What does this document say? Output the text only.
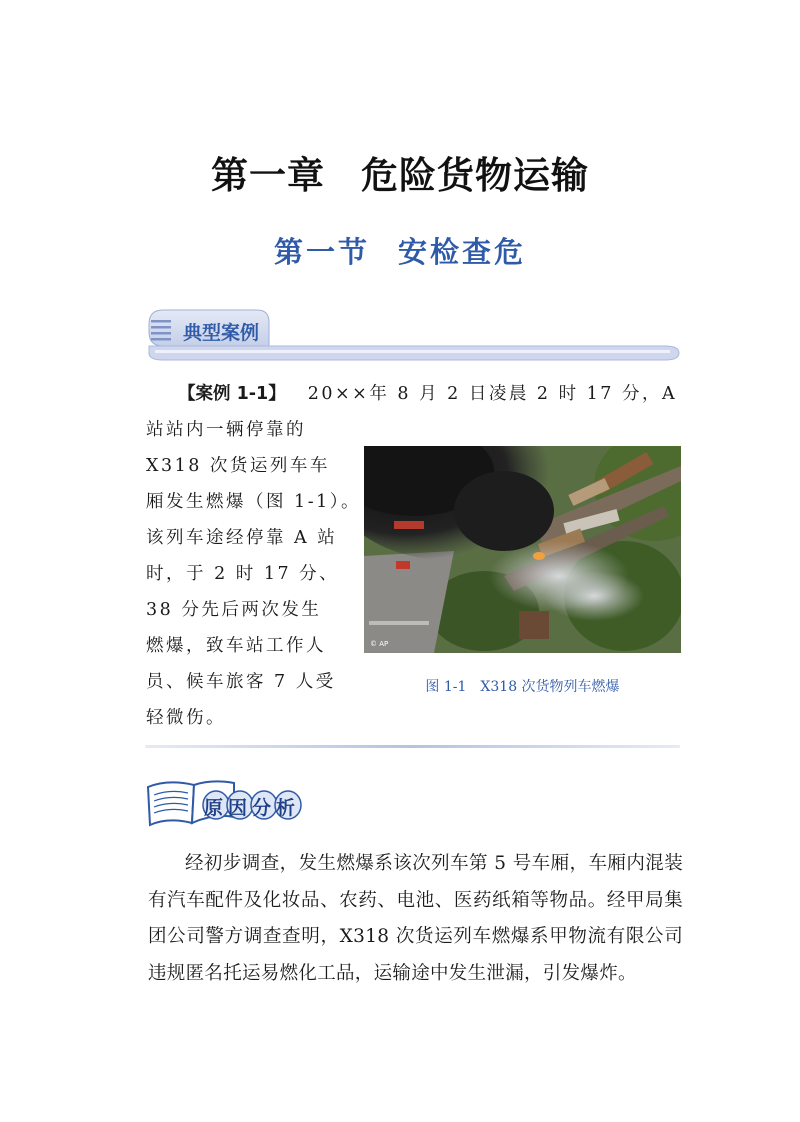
第一章 危险货物运输
第一节 安检查危
典型案例
【案例 1-1】 20××年 8 月 2 日凌晨 2 时 17 分，A
站站内一辆停靠的
X318 次货运列车车
厢发生燃爆（图 1-1）。
该列车途经停靠 A 站
时，于 2 时 17 分、
38 分先后两次发生
燃爆，致车站工作人
员、候车旅客 7 人受
轻微伤。
© AP
图 1-1　X318 次货物列车燃爆
原因分析
经初步调查，发生燃爆系该次列车第 5 号车厢，车厢内混装有汽车配件及化妆品、农药、电池、医药纸箱等物品。经甲局集团公司警方调查查明，X318 次货运列车燃爆系甲物流有限公司违规匿名托运易燃化工品，运输途中发生泄漏，引发爆炸。
